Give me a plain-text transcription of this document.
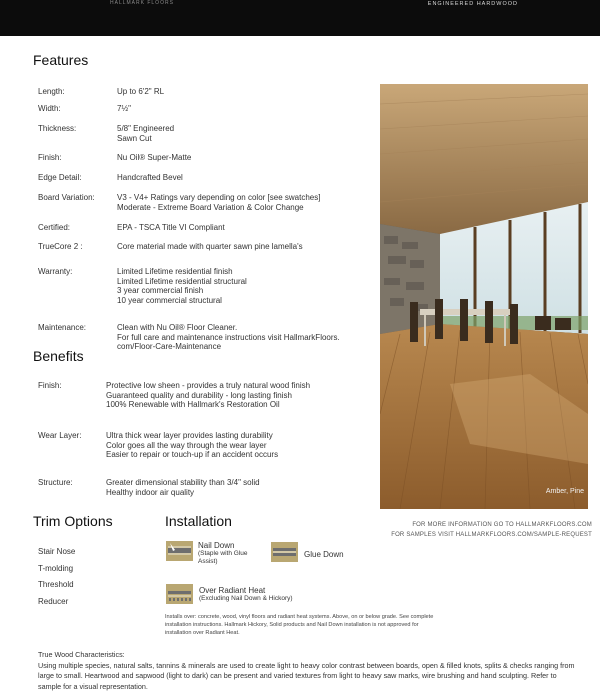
HALLMARK FLOORS	ENGINEERED HARDWOOD
Features
Length:	Up to 6'2" RL
Width:	7½"
Thickness:	5/8" Engineered
Sawn Cut
Finish:	Nu Oil® Super-Matte
Edge Detail:	Handcrafted Bevel
Board Variation:	V3 - V4+ Ratings vary depending on color [see swatches]
Moderate - Extreme Board Variation & Color Change
Certified:	EPA - TSCA Title VI Compliant
TrueCore 2 :	Core material made with quarter sawn pine lamella's
Warranty:	Limited Lifetime residential finish
Limited Lifetime residential structural
3 year commercial finish
10 year commercial structural
Maintenance:	Clean with Nu Oil® Floor Cleaner.
For full care and maintenance instructions visit HallmarkFloors.
com/Floor-Care-Maintenance
Benefits
Finish:	Protective low sheen - provides a truly natural wood finish
Guaranteed quality and durability - long lasting finish
100% Renewable with Hallmark's Restoration Oil
Wear Layer:	Ultra thick wear layer provides lasting durability
Color goes all the way through the wear layer
Easier to repair or touch-up if an accident occurs
Structure:	Greater dimensional stability than 3/4" solid
Healthy indoor air quality	Amber, Pine
FOR MORE INFORMATION GO TO HALLMARKFLOORS.COM
FOR SAMPLES VISIT HALLMARKFLOORS.COM/SAMPLE-REQUEST
Trim Options
Stair Nose
T-molding
Threshold
Reducer
Installation
Nail Down
(Staple with Glue
Assist)
Glue Down
Over Radiant Heat
(Excluding Nail Down & Hickory)
Installs over: concrete, wood, vinyl floors and radiant heat systems. Above, on or below grade. See complete installation instructions. Hallmark Hickory, Solid products and Nail Down installation is not approved for installation over Radiant Heat.
True Wood Characteristics:
Using multiple species, natural salts, tannins & minerals are used to create light to heavy color contrast between boards, open & filled knots, splits & checks ranging from large to small. Heartwood and sapwood (light to dark) can be present and varied textures from light to heavy saw marks, wire brushing and hand sculpting. Refer to sample for a visual representation.
